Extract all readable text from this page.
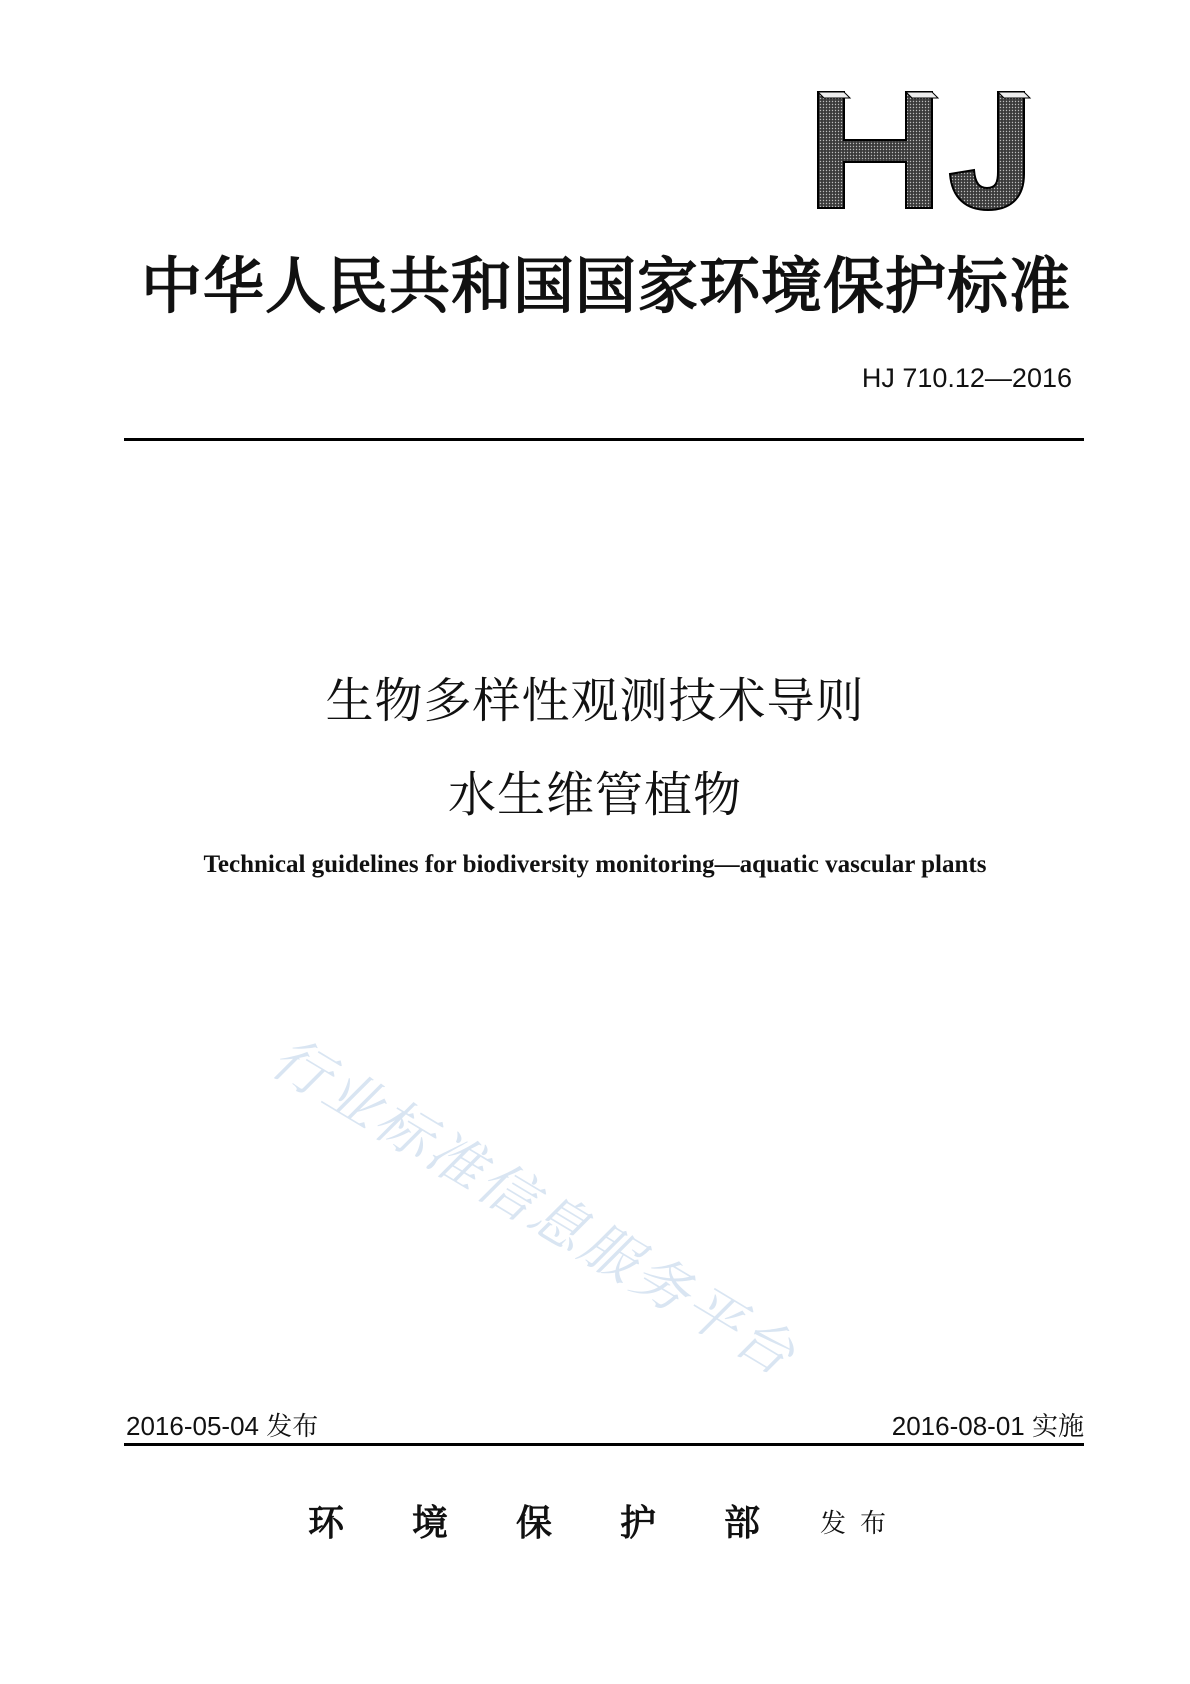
中华人民共和国国家环境保护标准
HJ 710.12—2016
生物多样性观测技术导则
水生维管植物
Technical guidelines for biodiversity monitoring—aquatic vascular plants
行业标准信息服务平台
2016-05-04 发布	2016-08-01 实施
环境保护部
发布
